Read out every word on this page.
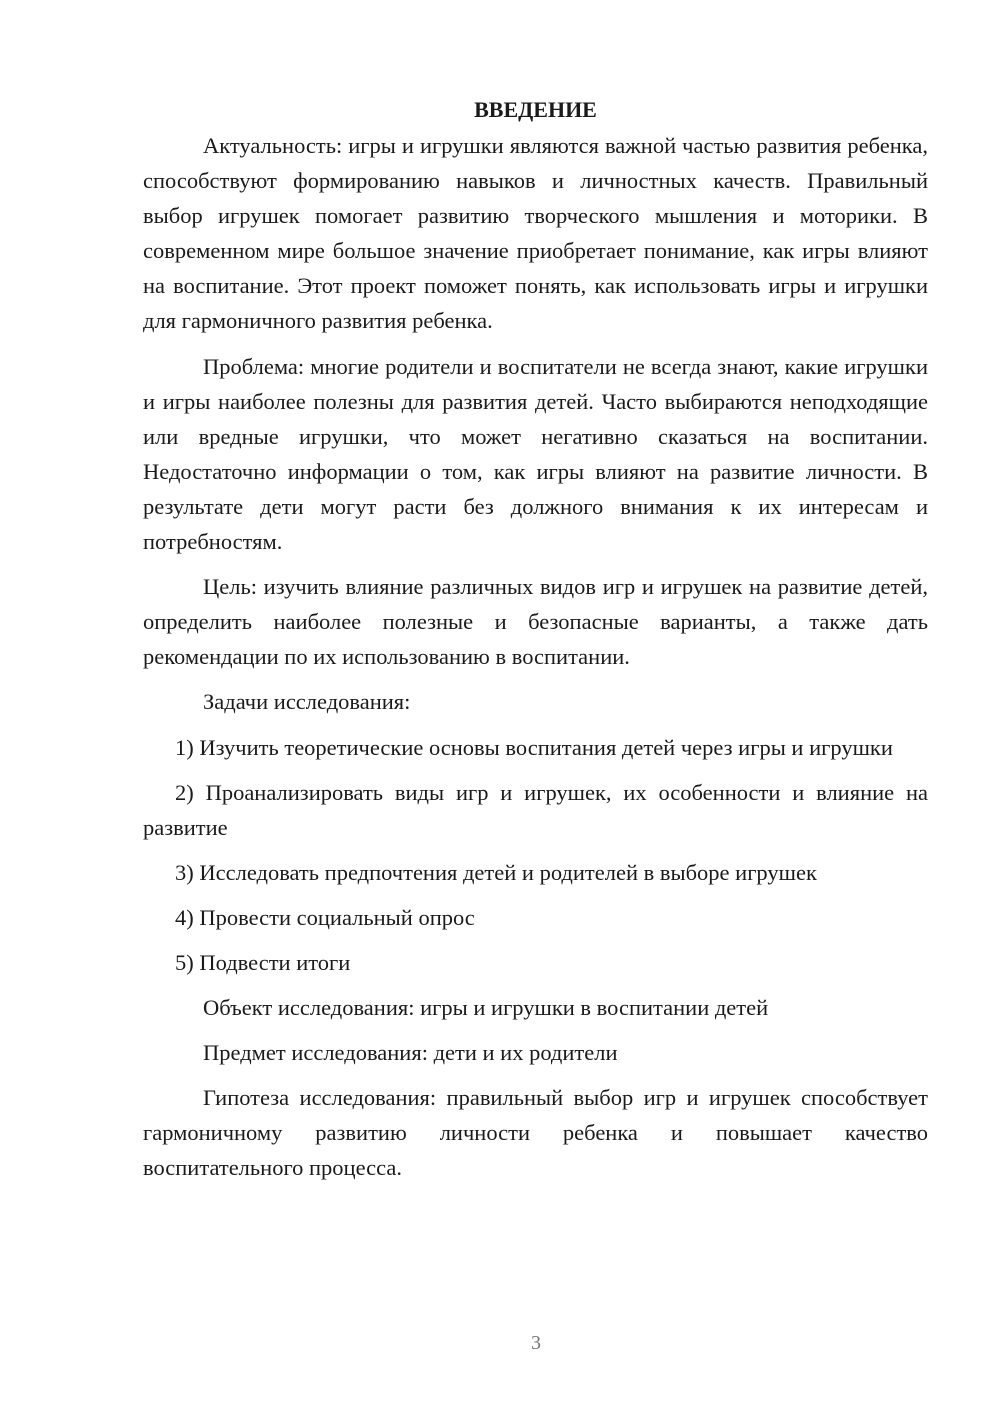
ВВЕДЕНИЕ

Актуальность: игры и игрушки являются важной частью развития ребенка, способствуют формированию навыков и личностных качеств. Правильный выбор игрушек помогает развитию творческого мышления и моторики. В современном мире большое значение приобретает понимание, как игры влияют на воспитание. Этот проект поможет понять, как использовать игры и игрушки для гармоничного развития ребенка.

Проблема: многие родители и воспитатели не всегда знают, какие игрушки и игры наиболее полезны для развития детей. Часто выбираются неподходящие или вредные игрушки, что может негативно сказаться на воспитании. Недостаточно информации о том, как игры влияют на развитие личности. В результате дети могут расти без должного внимания к их интересам и потребностям.

Цель: изучить влияние различных видов игр и игрушек на развитие детей, определить наиболее полезные и безопасные варианты, а также дать рекомендации по их использованию в воспитании.

Задачи исследования:

1) Изучить теоретические основы воспитания детей через игры и игрушки

2) Проанализировать виды игр и игрушек, их особенности и влияние на развитие

3) Исследовать предпочтения детей и родителей в выборе игрушек

4) Провести социальный опрос

5) Подвести итоги

Объект исследования: игры и игрушки в воспитании детей

Предмет исследования: дети и их родители

Гипотеза исследования: правильный выбор игр и игрушек способствует гармоничному развитию личности ребенка и повышает качество воспитательного процесса.

3
